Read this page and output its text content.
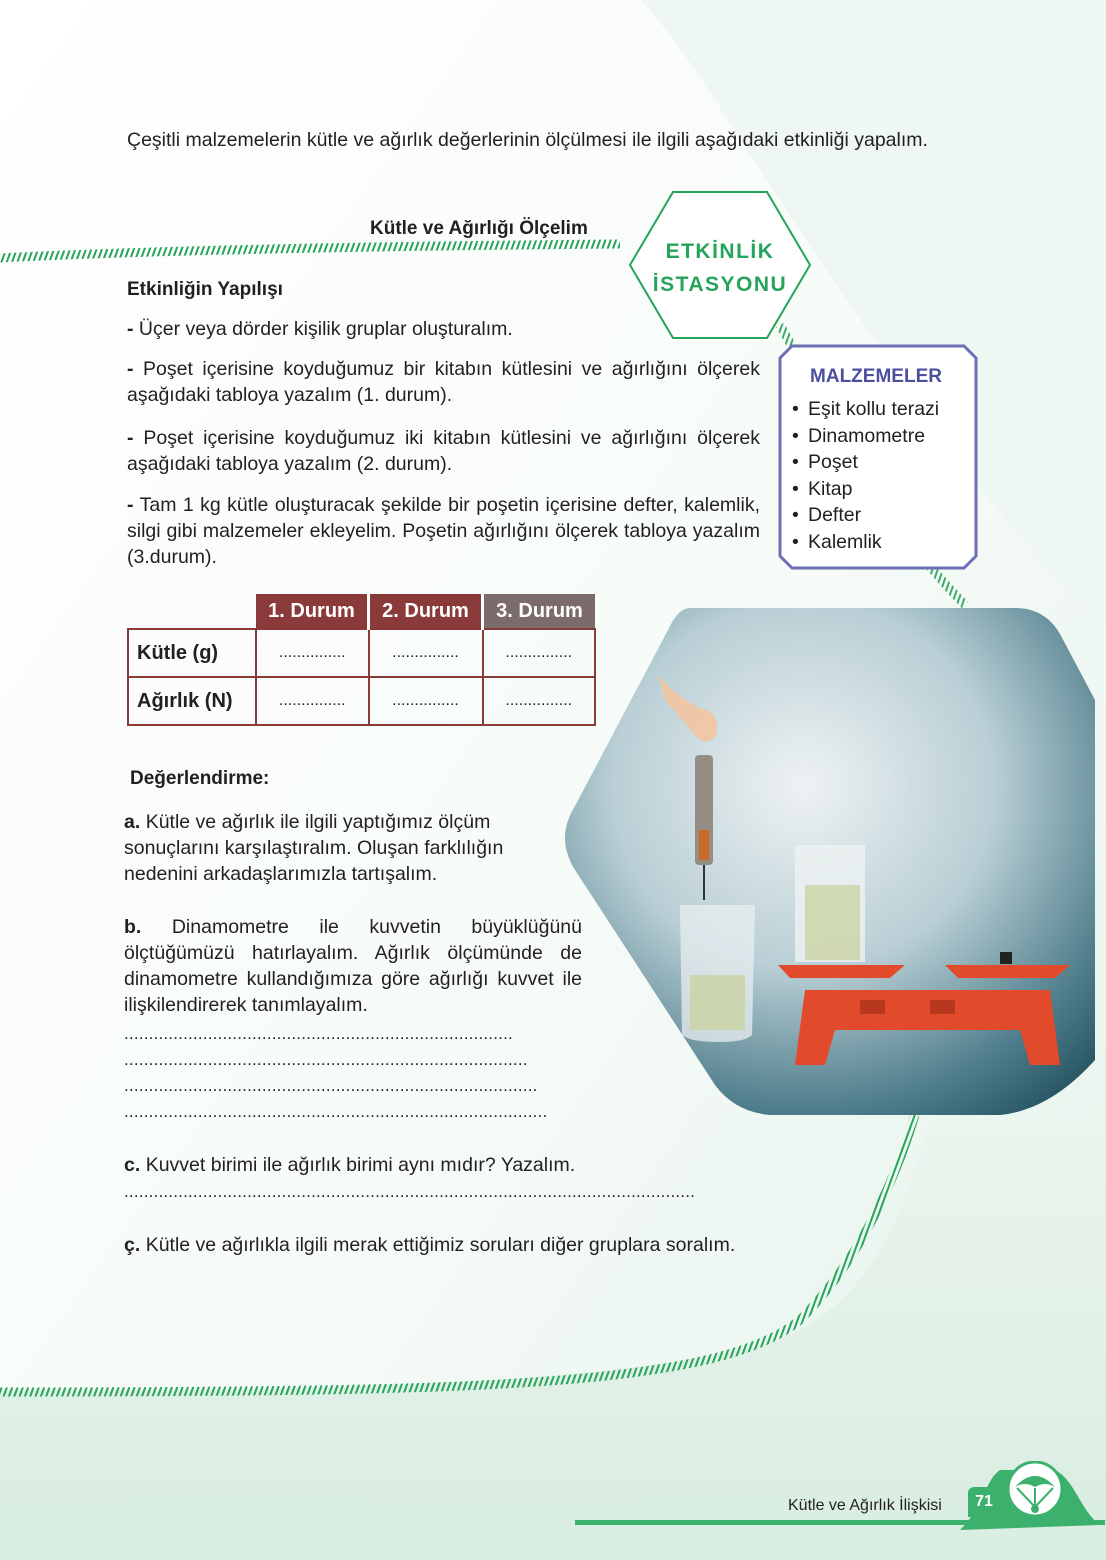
Çeşitli malzemelerin kütle ve ağırlık değerlerinin ölçülmesi ile ilgili aşağıdaki etkinliği yapalım.
Kütle ve Ağırlığı Ölçelim
ETKİNLİK
İSTASYONU
Etkinliğin Yapılışı
- Üçer veya dörder kişilik gruplar oluşturalım.
- Poşet içerisine koyduğumuz bir kitabın kütlesini ve ağırlığını ölçerek aşağıdaki tabloya yazalım (1. durum).
- Poşet içerisine koyduğumuz iki kitabın kütlesini ve ağırlığını ölçerek aşağıdaki tabloya yazalım (2. durum).
- Tam 1 kg kütle oluşturacak şekilde bir poşetin içerisine defter, kalemlik, silgi gibi malzemeler ekleyelim. Poşetin ağırlığını ölçerek tabloya yazalım (3.durum).
MALZEMELER
• Eşit kollu terazi
• Dinamometre
• Poşet
• Kitap
• Defter
• Kalemlik
	1. Durum	2. Durum	3. Durum
Kütle (g)	...............	...............	...............
Ağırlık (N)	...............	...............	...............
Değerlendirme:
a. Kütle ve ağırlık ile ilgili yaptığımız ölçüm sonuçlarını karşılaştıralım. Oluşan farklılığın nedenini arkadaşlarımızla tartışalım.
b. Dinamometre ile kuvvetin büyüklüğünü ölçtüğümüzü hatırlayalım. Ağırlık ölçümünde de dinamometre kullandığımıza göre ağırlığı kuvvet ile ilişkilendirerek tanımlayalım.
...............................................................................
..................................................................................
....................................................................................
......................................................................................
c. Kuvvet birimi ile ağırlık birimi aynı mıdır? Yazalım.
....................................................................................................................
ç. Kütle ve ağırlıkla ilgili merak ettiğimiz soruları diğer gruplara soralım.
Kütle ve Ağırlık İlişkisi	71
